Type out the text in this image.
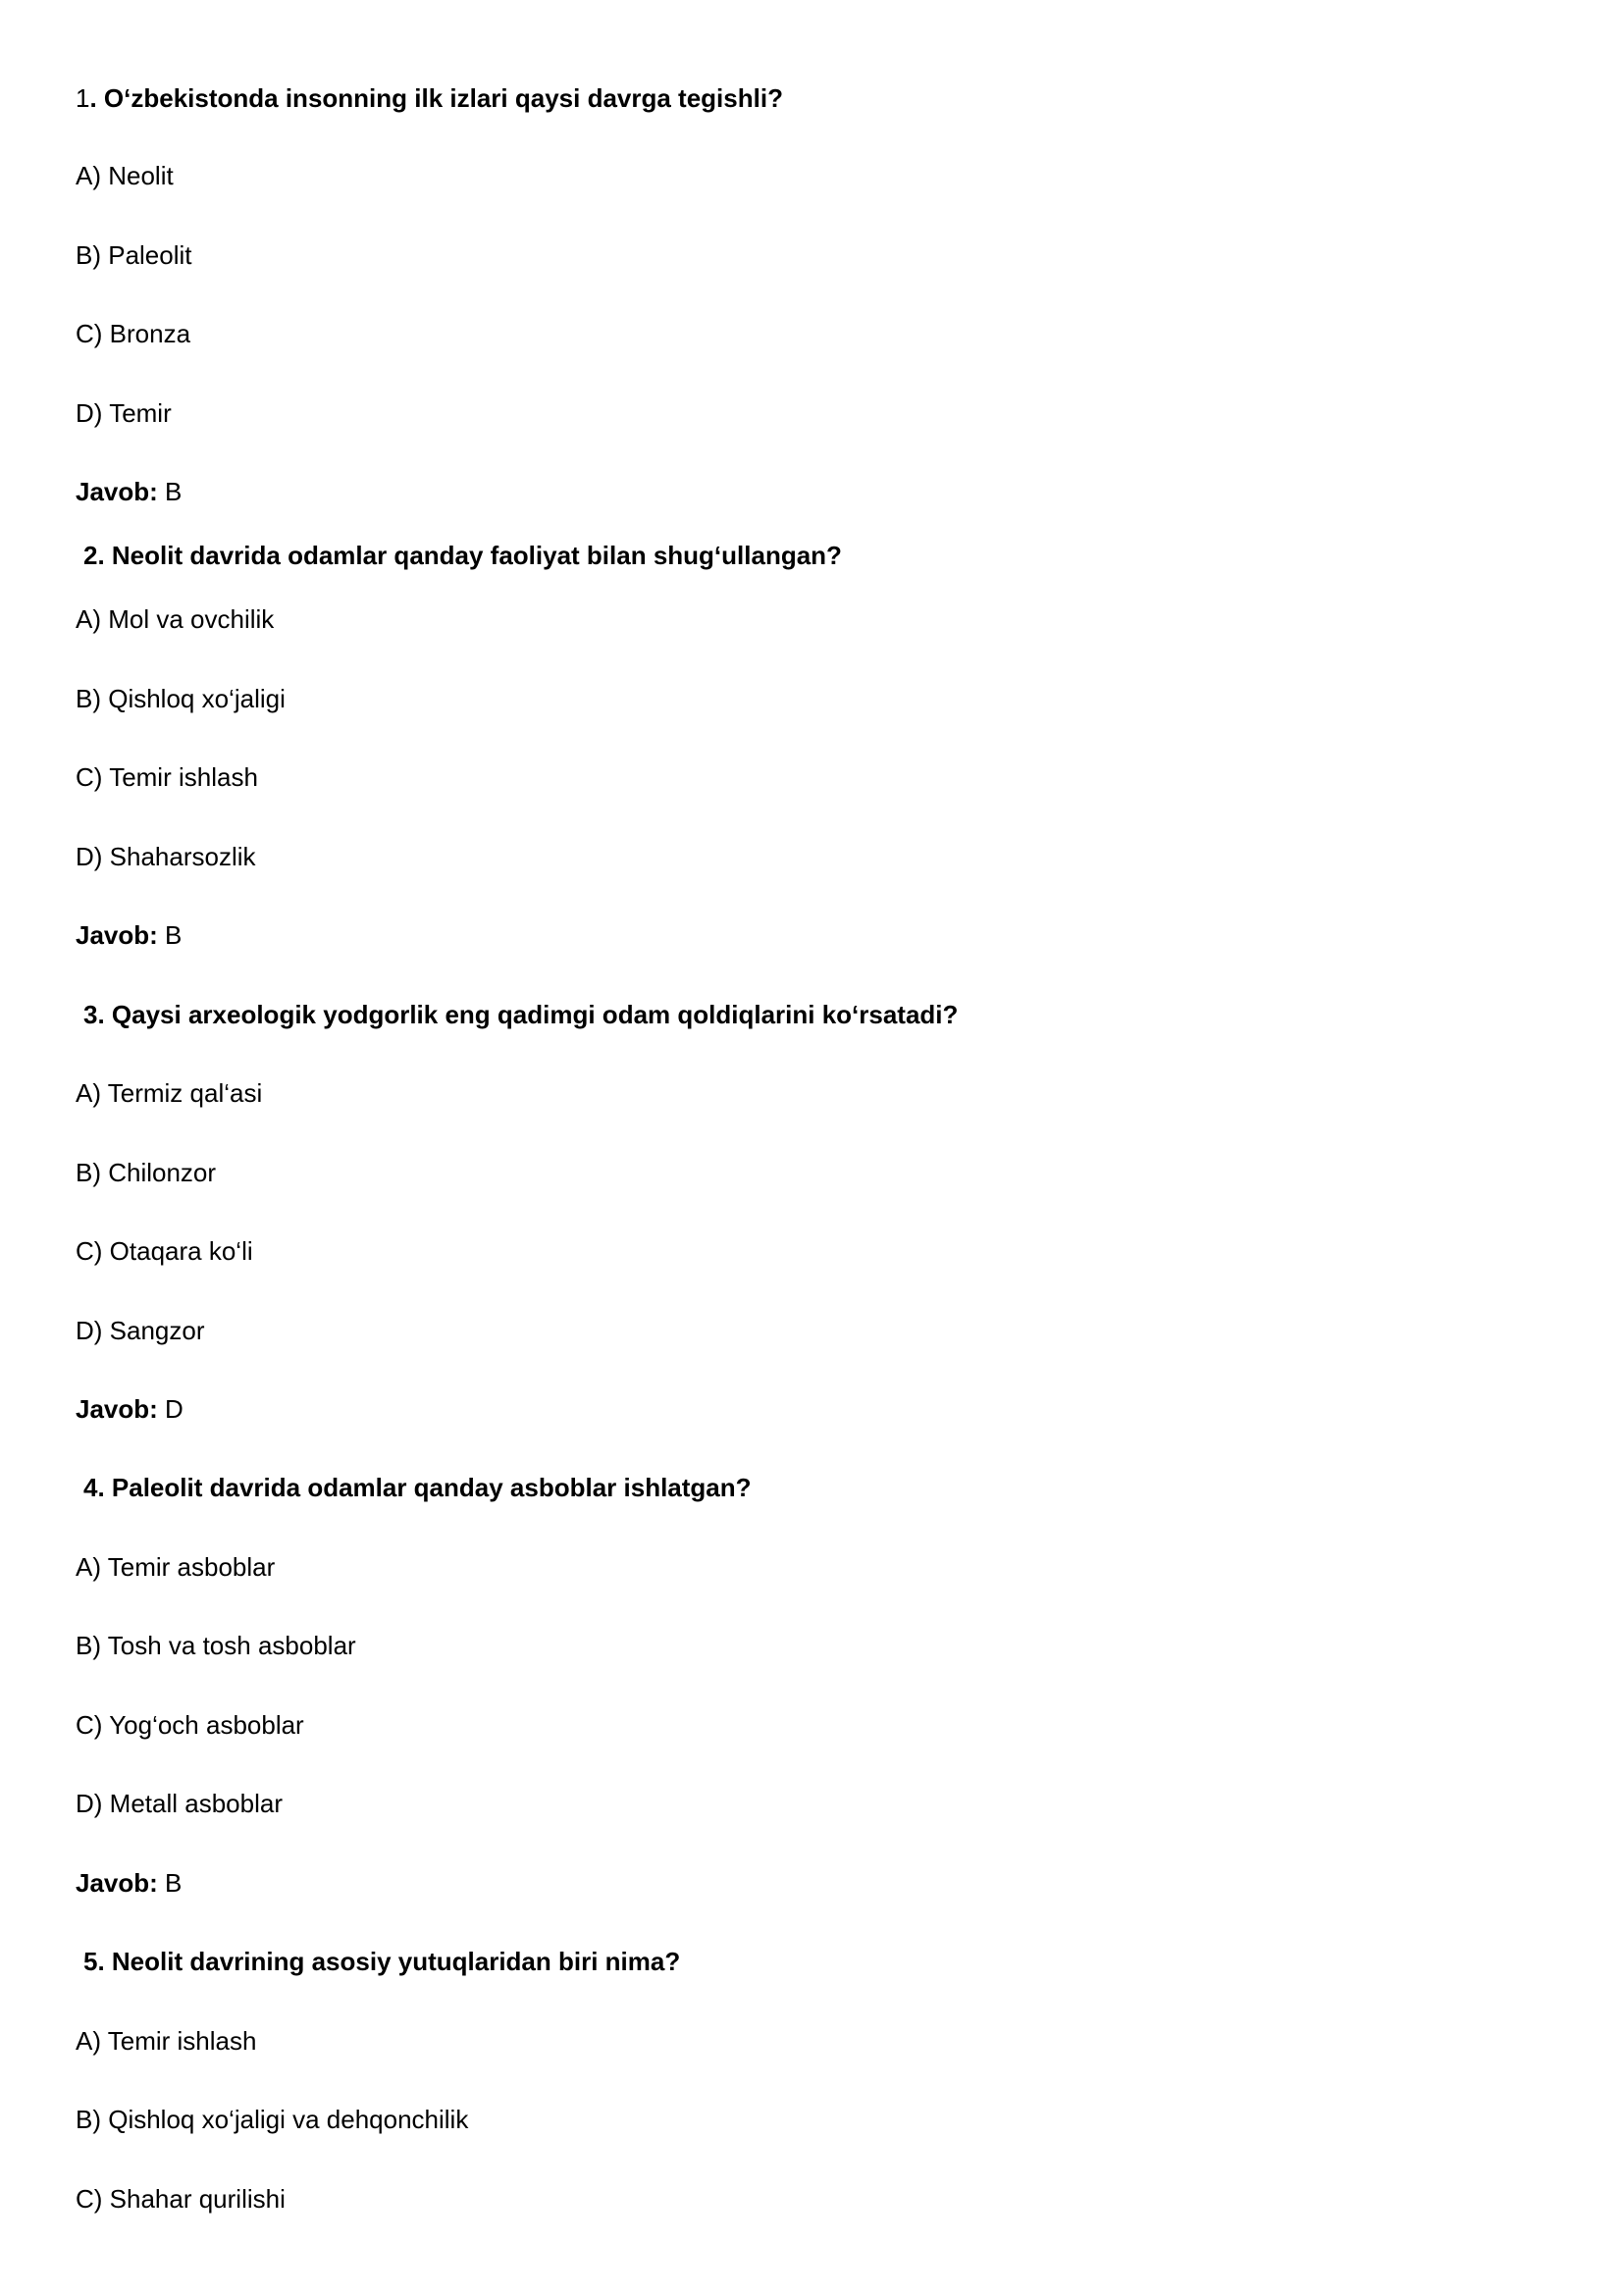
1. O‘zbekistonda insonning ilk izlari qaysi davrga tegishli?
A) Neolit
B) Paleolit
C) Bronza
D) Temir
Javob: B
2. Neolit davrida odamlar qanday faoliyat bilan shug‘ullangan?
A) Mol va ovchilik
B) Qishloq xo‘jaligi
C) Temir ishlash
D) Shaharsozlik
Javob: B
3. Qaysi arxeologik yodgorlik eng qadimgi odam qoldiqlarini ko‘rsatadi?
A) Termiz qal‘asi
B) Chilonzor
C) Otaqara ko‘li
D) Sangzor
Javob: D
4. Paleolit davrida odamlar qanday asboblar ishlatgan?
A) Temir asboblar
B) Tosh va tosh asboblar
C) Yog‘och asboblar
D) Metall asboblar
Javob: B
5. Neolit davrining asosiy yutuqlaridan biri nima?
A) Temir ishlash
B) Qishloq xo‘jaligi va dehqonchilik
C) Shahar qurilishi
